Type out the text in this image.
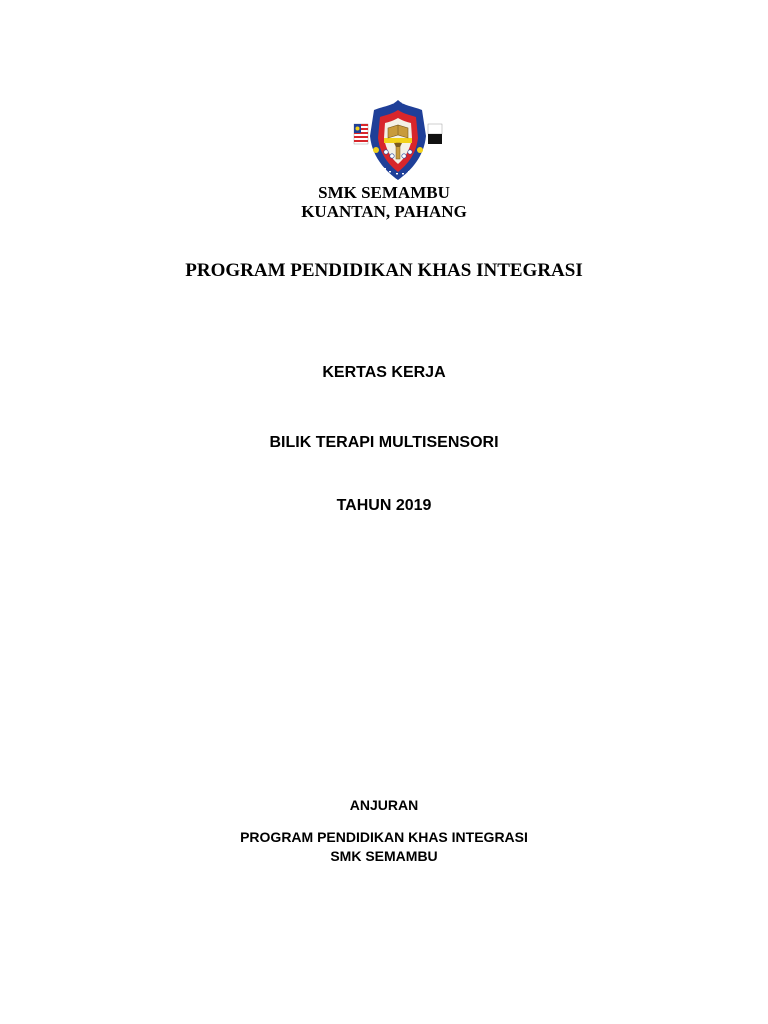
SMK SEMAMBU
KUANTAN, PAHANG
PROGRAM PENDIDIKAN KHAS INTEGRASI
KERTAS KERJA
BILIK TERAPI MULTISENSORI
TAHUN 2019
ANJURAN
PROGRAM PENDIDIKAN KHAS INTEGRASI
SMK SEMAMBU
